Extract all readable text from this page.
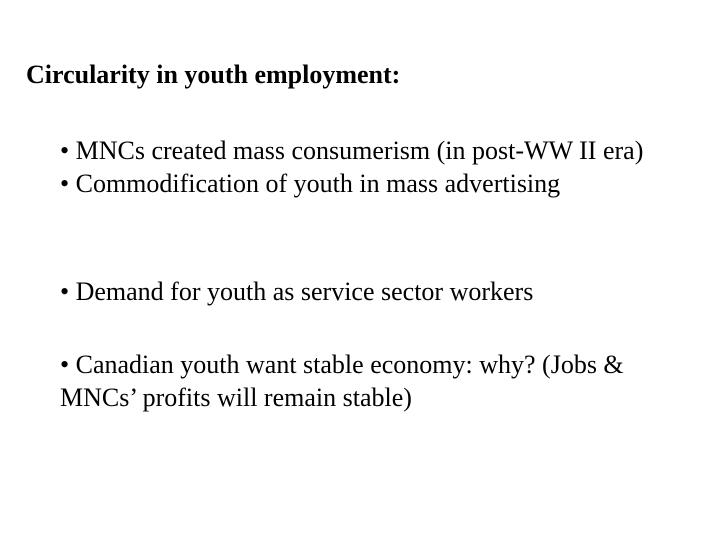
Circularity in youth employment:
• MNCs created mass consumerism (in post-WW II era)
• Commodification of youth in mass advertising
• Demand for youth as service sector workers
• Canadian youth want stable economy: why? (Jobs & MNCs’ profits will remain stable)
